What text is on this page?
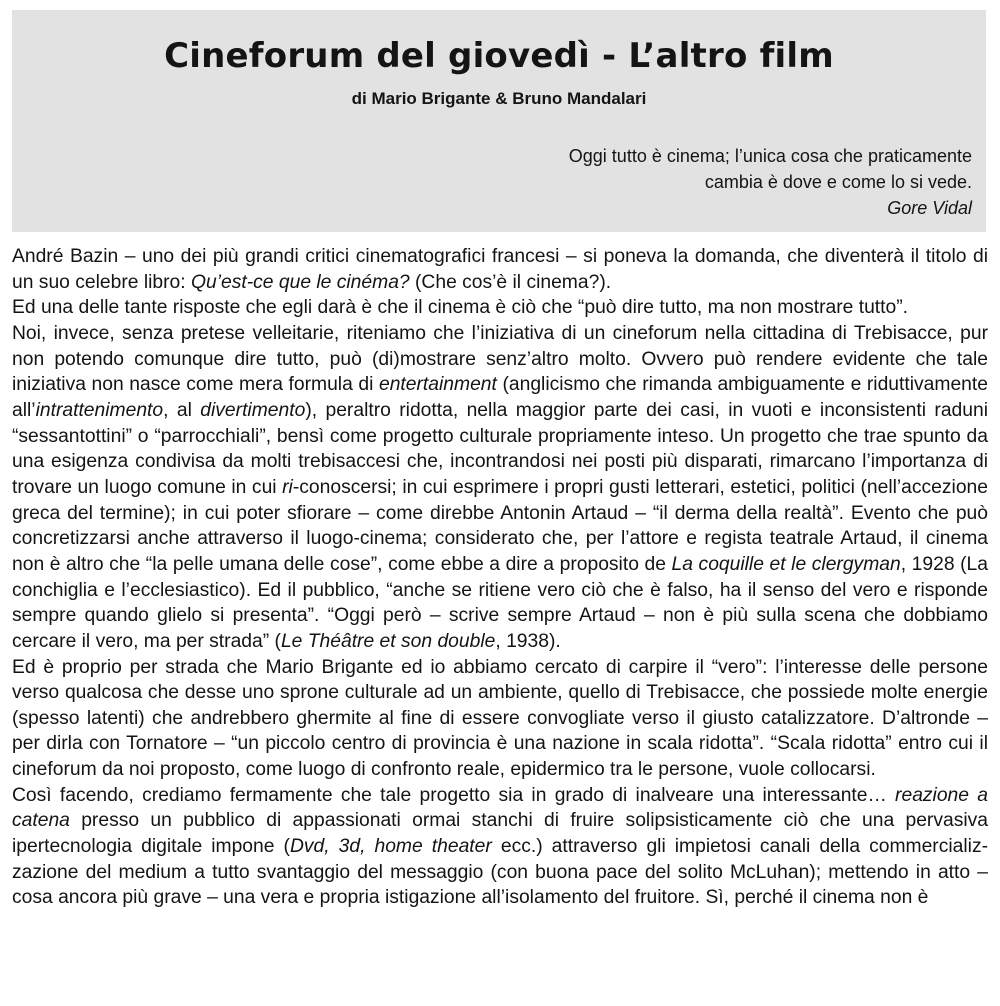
Cineforum del giovedì - L’altro film
di Mario Brigante & Bruno Mandalari
Oggi tutto è cinema; l’unica cosa che praticamente
cambia è dove e come lo si vede.
Gore Vidal

André Bazin – uno dei più grandi critici cinematografici francesi – si poneva la domanda, che diventerà il titolo di un suo celebre libro: Qu’est-ce que le cinéma? (Che cos’è il cinema?).

Ed una delle tante risposte che egli darà è che il cinema è ciò che “può dire tutto, ma non mostrare tutto”.

Noi, invece, senza pretese velleitarie, riteniamo che l’iniziativa di un cineforum nella cittadina di Trebisacce, pur non potendo comunque dire tutto, può (di)mostrare senz’altro molto. Ovvero può rendere evidente che tale iniziativa non nasce come mera formula di entertainment (anglicismo che rimanda ambiguamente e riduttivamente all’intrattenimento, al divertimento), peraltro ridotta, nella maggior parte dei casi, in vuoti e inconsistenti raduni “sessantottini” o “parrocchiali”, bensì come progetto culturale propriamente inteso. Un progetto che trae spunto da una esigenza condivisa da molti trebisaccesi che, incontrandosi nei posti più disparati, rimarcano l’importanza di trovare un luogo comune in cui ri-conoscersi; in cui esprimere i propri gusti letterari, estetici, politici (nell’accezione greca del termine); in cui poter sfiorare – come direbbe Antonin Artaud – “il derma della realtà”. Evento che può concretizzarsi anche attraverso il luogo-cinema; considerato che, per l’attore e regista teatrale Artaud, il cinema non è altro che “la pelle umana delle cose”, come ebbe a dire a proposito de La coquille et le clergyman, 1928 (La conchiglia e l’ecclesiastico). Ed il pubblico, “anche se ritiene vero ciò che è falso, ha il senso del vero e risponde sempre quando glielo si presenta”. “Oggi però – scrive sempre Artaud – non è più sulla scena che dobbiamo cercare il vero, ma per strada” (Le Théâtre et son double, 1938).

Ed è proprio per strada che Mario Brigante ed io abbiamo cercato di carpire il “vero”: l’interesse delle persone verso qualcosa che desse uno sprone culturale ad un ambiente, quello di Trebisacce, che possiede molte energie (spesso latenti) che andrebbero ghermite al fine di essere convogliate verso il giusto catalizzatore. D’altronde – per dirla con Tornatore – “un piccolo centro di provincia è una nazione in scala ridotta”. “Scala ridotta” entro cui il cineforum da noi proposto, come luogo di confronto reale, epidermico tra le persone, vuole collocarsi.

Così facendo, crediamo fermamente che tale progetto sia in grado di inalveare una interessante… reazione a catena presso un pubblico di appassionati ormai stanchi di fruire solipsisticamente ciò che una pervasiva ipertecnologia digitale impone (Dvd, 3d, home theater ecc.) attraverso gli impietosi canali della commercializzazione del medium a tutto svantaggio del messaggio (con buona pace del solito McLuhan); mettendo in atto – cosa ancora più grave – una vera e propria istigazione all’isolamento del fruitore. Sì, perché il cinema non è
